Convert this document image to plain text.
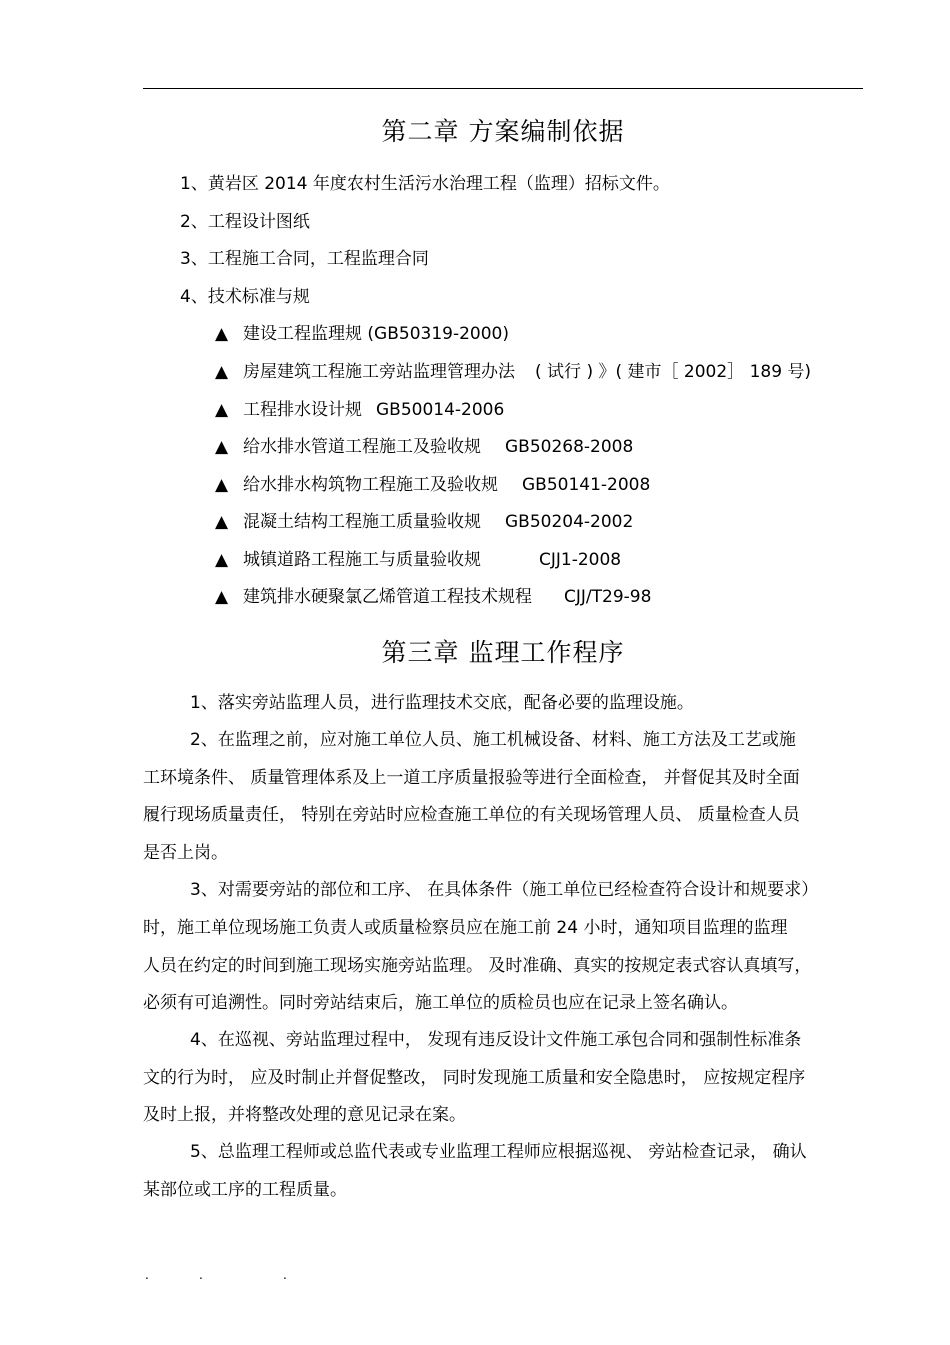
第二章 方案编制依据
1、黄岩区 2014 年度农村生活污水治理工程（监理）招标文件。
2、工程设计图纸
3、工程施工合同，工程监理合同
4、技术标准与规
▲ 建设工程监理规 (GB50319-2000)
▲ 房屋建筑工程施工旁站监理管理办法 ( 试行 ) 》( 建市［ 2002］ 189 号)
▲ 工程排水设计规 GB50014-2006
▲ 给水排水管道工程施工及验收规 GB50268-2008
▲ 给水排水构筑物工程施工及验收规 GB50141-2008
▲ 混凝土结构工程施工质量验收规 GB50204-2002
▲ 城镇道路工程施工与质量验收规	CJJ1-2008
▲ 建筑排水硬聚氯乙烯管道工程技术规程 CJJ/T29-98
第三章 监理工作程序
1、落实旁站监理人员，进行监理技术交底，配备必要的监理设施。
2、在监理之前，应对施工单位人员、施工机械设备、材料、施工方法及工艺或施
工环境条件、 质量管理体系及上一道工序质量报验等进行全面检查， 并督促其及时全面
履行现场质量责任， 特别在旁站时应检查施工单位的有关现场管理人员、 质量检查人员
是否上岗。
3、对需要旁站的部位和工序、 在具体条件（施工单位已经检查符合设计和规要求）
时，施工单位现场施工负责人或质量检察员应在施工前 24 小时，通知项目监理的监理
人员在约定的时间到施工现场实施旁站监理。 及时准确、真实的按规定表式容认真填写，
必须有可追溯性。同时旁站结束后，施工单位的质检员也应在记录上签名确认。
4、在巡视、旁站监理过程中， 发现有违反设计文件施工承包合同和强制性标准条
文的行为时， 应及时制止并督促整改， 同时发现施工质量和安全隐患时， 应按规定程序
及时上报，并将整改处理的意见记录在案。
5、总监理工程师或总监代表或专业监理工程师应根据巡视、 旁站检查记录， 确认
某部位或工序的工程质量。
.	.	.
